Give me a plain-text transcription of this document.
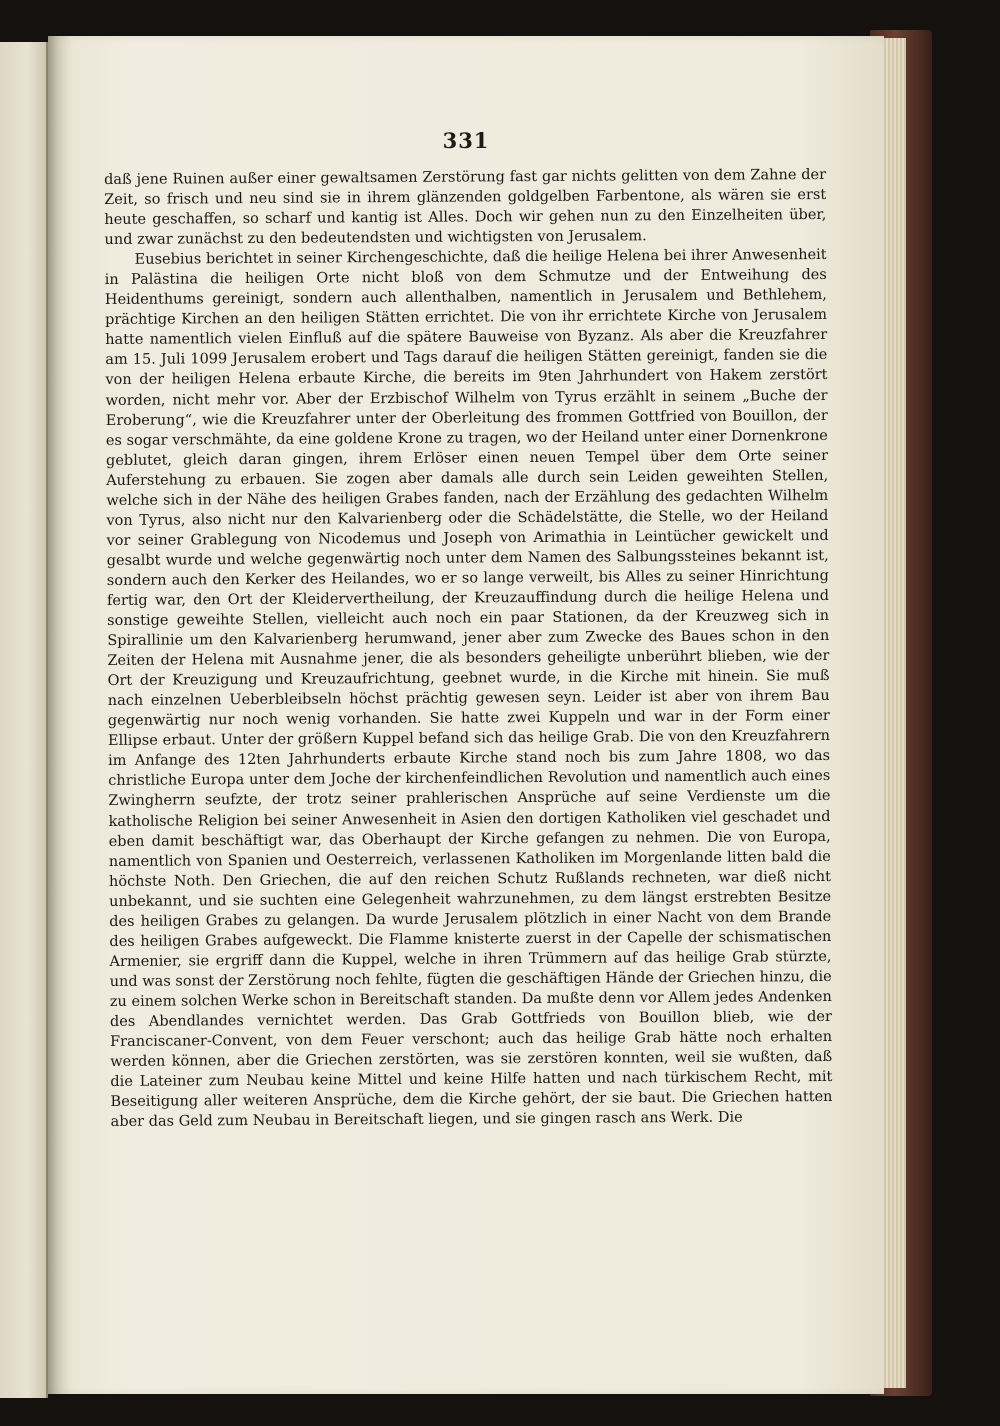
331

daß jene Ruinen außer einer gewaltsamen Zerstörung fast gar nichts gelitten von dem Zahne der Zeit, so frisch und neu sind sie in ihrem glänzenden goldgelben Farbentone, als wären sie erst heute geschaffen, so scharf und kantig ist Alles. Doch wir gehen nun zu den Einzelheiten über, und zwar zunächst zu den bedeutendsten und wichtigsten von Jerusalem.

Eusebius berichtet in seiner Kirchengeschichte, daß die heilige Helena bei ihrer Anwesenheit in Palästina die heiligen Orte nicht bloß von dem Schmutze und der Entweihung des Heidenthums gereinigt, sondern auch allenthalben, namentlich in Jerusalem und Bethlehem, prächtige Kirchen an den heiligen Stätten errichtet. Die von ihr errichtete Kirche von Jerusalem hatte namentlich vielen Einfluß auf die spätere Bauweise von Byzanz. Als aber die Kreuzfahrer am 15. Juli 1099 Jerusalem erobert und Tags darauf die heiligen Stätten gereinigt, fanden sie die von der heiligen Helena erbaute Kirche, die bereits im 9ten Jahrhundert von Hakem zerstört worden, nicht mehr vor. Aber der Erzbischof Wilhelm von Tyrus erzählt in seinem „Buche der Eroberung“, wie die Kreuzfahrer unter der Oberleitung des frommen Gottfried von Bouillon, der es sogar verschmähte, da eine goldene Krone zu tragen, wo der Heiland unter einer Dornenkrone geblutet, gleich daran gingen, ihrem Erlöser einen neuen Tempel über dem Orte seiner Auferstehung zu erbauen. Sie zogen aber damals alle durch sein Leiden geweihten Stellen, welche sich in der Nähe des heiligen Grabes fanden, nach der Erzählung des gedachten Wilhelm von Tyrus, also nicht nur den Kalvarienberg oder die Schädelstätte, die Stelle, wo der Heiland vor seiner Grablegung von Nicodemus und Joseph von Arimathia in Leintücher gewickelt und gesalbt wurde und welche gegenwärtig noch unter dem Namen des Salbungssteines bekannt ist, sondern auch den Kerker des Heilandes, wo er so lange verweilt, bis Alles zu seiner Hinrichtung fertig war, den Ort der Kleidervertheilung, der Kreuzauffindung durch die heilige Helena und sonstige geweihte Stellen, vielleicht auch noch ein paar Stationen, da der Kreuzweg sich in Spirallinie um den Kalvarienberg herumwand, jener aber zum Zwecke des Baues schon in den Zeiten der Helena mit Ausnahme jener, die als besonders geheiligte unberührt blieben, wie der Ort der Kreuzigung und Kreuzaufrichtung, geebnet wurde, in die Kirche mit hinein. Sie muß nach einzelnen Ueberbleibseln höchst prächtig gewesen seyn. Leider ist aber von ihrem Bau gegenwärtig nur noch wenig vorhanden. Sie hatte zwei Kuppeln und war in der Form einer Ellipse erbaut. Unter der größern Kuppel befand sich das heilige Grab. Die von den Kreuzfahrern im Anfange des 12ten Jahrhunderts erbaute Kirche stand noch bis zum Jahre 1808, wo das christliche Europa unter dem Joche der kirchenfeindlichen Revolution und namentlich auch eines Zwingherrn seufzte, der trotz seiner prahlerischen Ansprüche auf seine Verdienste um die katholische Religion bei seiner Anwesenheit in Asien den dortigen Katholiken viel geschadet und eben damit beschäftigt war, das Oberhaupt der Kirche gefangen zu nehmen. Die von Europa, namentlich von Spanien und Oesterreich, verlassenen Katholiken im Morgenlande litten bald die höchste Noth. Den Griechen, die auf den reichen Schutz Rußlands rechneten, war dieß nicht unbekannt, und sie suchten eine Gelegenheit wahrzunehmen, zu dem längst erstrebten Besitze des heiligen Grabes zu gelangen. Da wurde Jerusalem plötzlich in einer Nacht von dem Brande des heiligen Grabes aufgeweckt. Die Flamme knisterte zuerst in der Capelle der schismatischen Armenier, sie ergriff dann die Kuppel, welche in ihren Trümmern auf das heilige Grab stürzte, und was sonst der Zerstörung noch fehlte, fügten die geschäftigen Hände der Griechen hinzu, die zu einem solchen Werke schon in Bereitschaft standen. Da mußte denn vor Allem jedes Andenken des Abendlandes vernichtet werden. Das Grab Gottfrieds von Bouillon blieb, wie der Franciscaner-Convent, von dem Feuer verschont; auch das heilige Grab hätte noch erhalten werden können, aber die Griechen zerstörten, was sie zerstören konnten, weil sie wußten, daß die Lateiner zum Neubau keine Mittel und keine Hilfe hatten und nach türkischem Recht, mit Beseitigung aller weiteren Ansprüche, dem die Kirche gehört, der sie baut. Die Griechen hatten aber das Geld zum Neubau in Bereitschaft liegen, und sie gingen rasch ans Werk. Die
